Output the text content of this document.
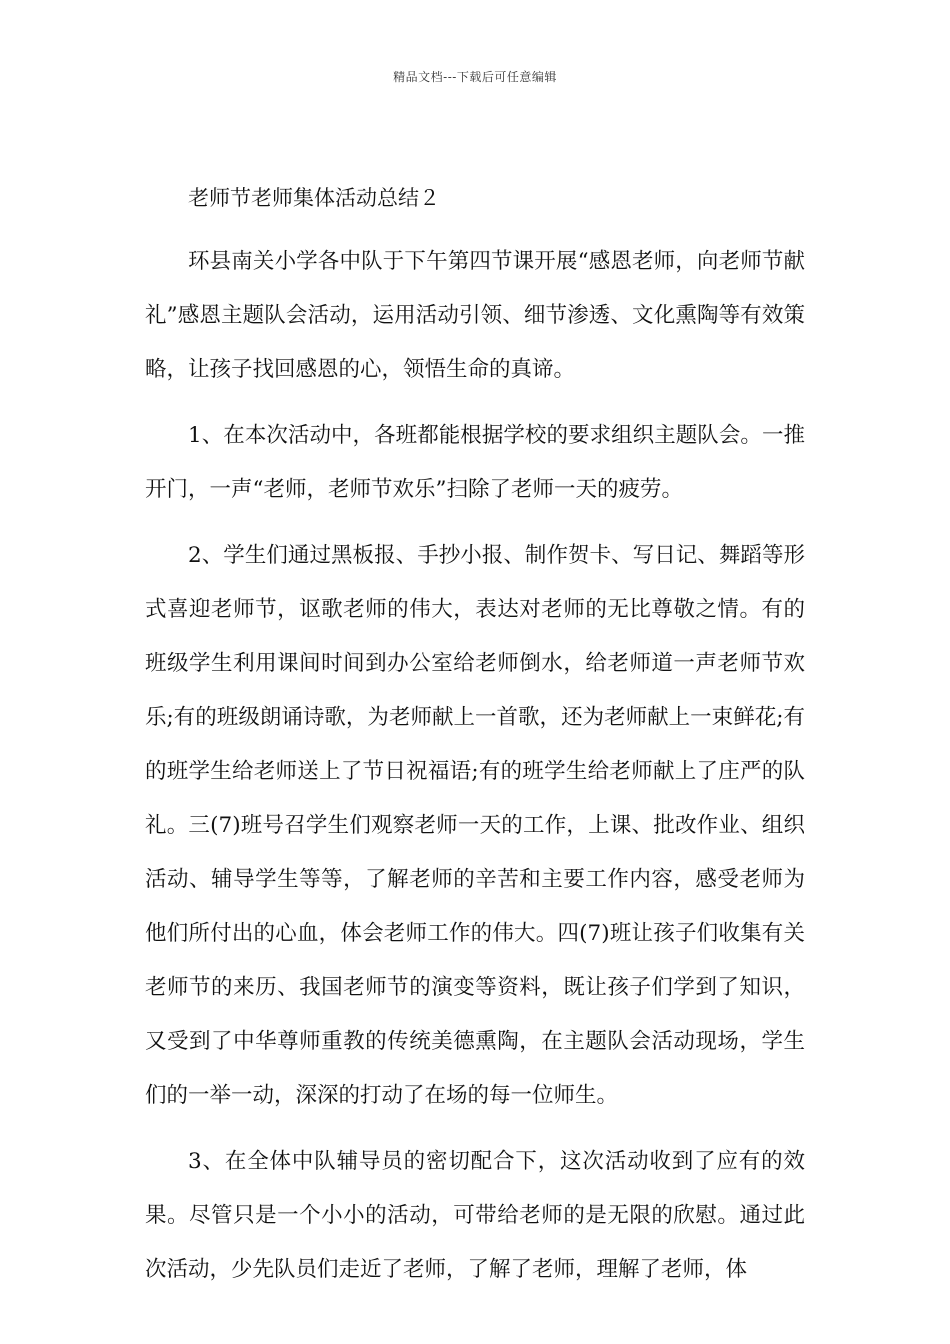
精品文档---下载后可任意编辑
老师节老师集体活动总结２

环县南关小学各中队于下午第四节课开展“感恩老师，向老师节献礼”感恩主题队会活动，运用活动引领、细节渗透、文化熏陶等有效策略，让孩子找回感恩的心，领悟生命的真谛。

1、在本次活动中，各班都能根据学校的要求组织主题队会。一推开门，一声“老师，老师节欢乐”扫除了老师一天的疲劳。

2、学生们通过黑板报、手抄小报、制作贺卡、写日记、舞蹈等形式喜迎老师节，讴歌老师的伟大，表达对老师的无比尊敬之情。有的班级学生利用课间时间到办公室给老师倒水，给老师道一声老师节欢乐;有的班级朗诵诗歌，为老师献上一首歌，还为老师献上一束鲜花;有的班学生给老师送上了节日祝福语;有的班学生给老师献上了庄严的队礼。三(7)班号召学生们观察老师一天的工作，上课、批改作业、组织活动、辅导学生等等，了解老师的辛苦和主要工作内容，感受老师为他们所付出的心血，体会老师工作的伟大。四(7)班让孩子们收集有关老师节的来历、我国老师节的演变等资料，既让孩子们学到了知识，又受到了中华尊师重教的传统美德熏陶，在主题队会活动现场，学生们的一举一动，深深的打动了在场的每一位师生。

3、在全体中队辅导员的密切配合下，这次活动收到了应有的效果。尽管只是一个小小的活动，可带给老师的是无限的欣慰。通过此次活动，少先队员们走近了老师，了解了老师，理解了老师，体
